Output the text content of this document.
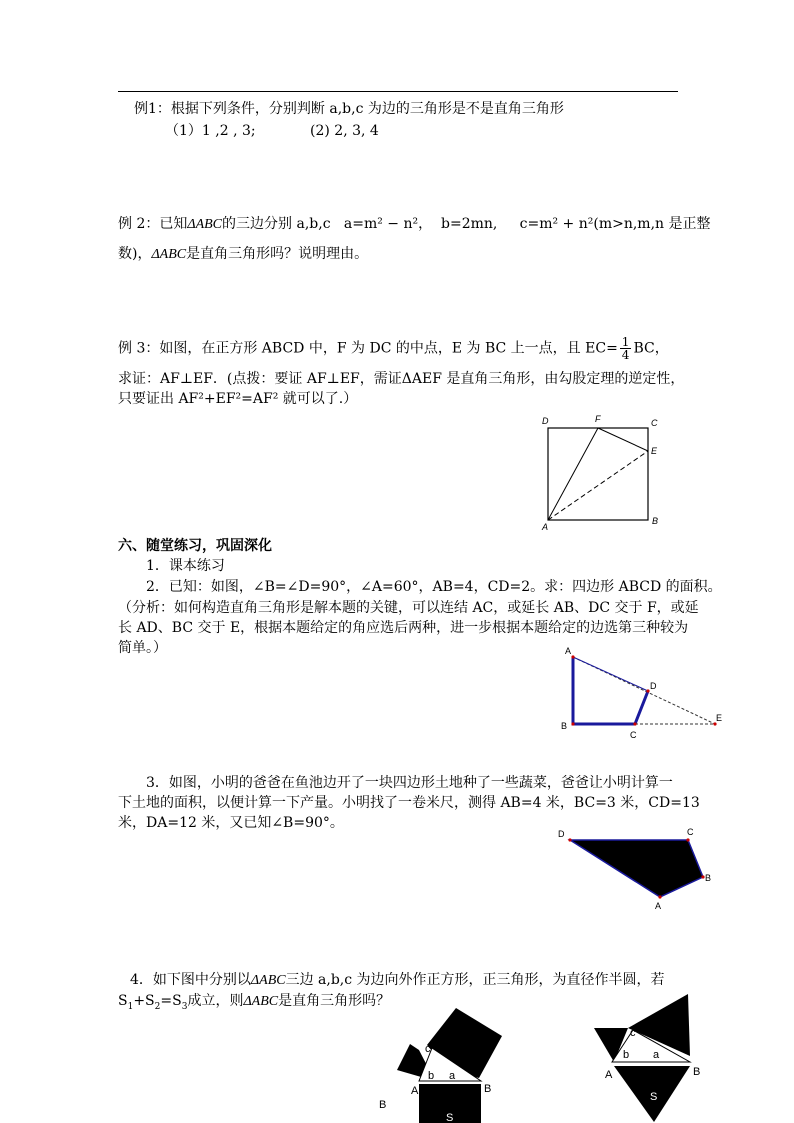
例1：根据下列条件，分别判断 a,b,c 为边的三角形是不是直角三角形
（1）1 ,2 , 3;	(2) 2, 3, 4
例 2：已知ΔABC的三边分别 a,b,c a=m² − n²， b=2mn, c=m² + n²(m>n,m,n 是正整
数)，ΔABC是直角三角形吗？说明理由。
例 3：如图，在正方形 ABCD 中，F 为 DC 的中点，E 为 BC 上一点，且 $EC= \frac{1}{4}$ BC，
求证：AF⊥EF．(点拨：要证 AF⊥EF，需证ΔAEF 是直角三角形，由勾股定理的逆定性，
只要证出 AF²+EF²=AF² 就可以了.）
D	F	C
E
A
B
六、随堂练习，巩固深化
1．课本练习
2．已知：如图，∠B=∠D=90°，∠A=60°，AB=4，CD=2。求：四边形 ABCD 的面积。
（分析：如何构造直角三角形是解本题的关键，可以连结 AC，或延长 AB、DC 交于 F，或延
长 AD、BC 交于 E，根据本题给定的角应选后两种，进一步根据本题给定的边选第三种较为
简单。）	A
D
B
C
E
3．如图，小明的爸爸在鱼池边开了一块四边形土地种了一些蔬菜，爸爸让小明计算一
下土地的面积，以便计算一下产量。小明找了一卷米尺，测得 AB=4 米，BC=3 米，CD=13
米，DA=12 米，又已知∠B=90°。
D	C
B
A
4．如下图中分别以ΔABC三边 a,b,c 为边向外作正方形，正三角形，为直径作半圆，若
$S_1+S_2=S_3$成立，则ΔABC是直角三角形吗？
c
b a
A	B
B
S
c
b a
A	B
S
